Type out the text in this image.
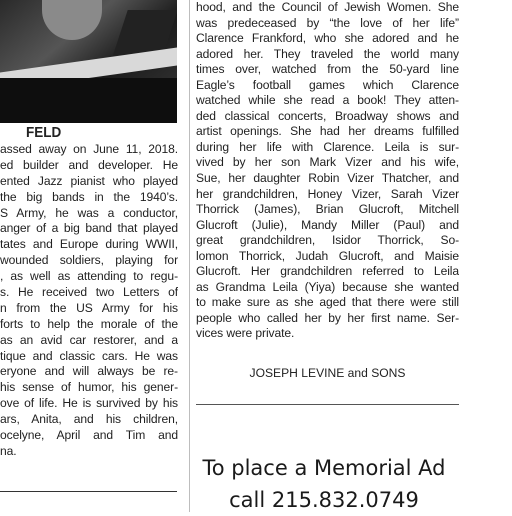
FELD
assed away on June 11, 2018.
ed builder and developer. He
ented Jazz pianist who played
the big bands in the 1940’s.
S Army, he was a conductor,
anger of a big band that played
tates and Europe during WWII,
wounded soldiers, playing for
, as well as attending to regu-
s. He received two Letters of
n from the US Army for his
forts to help the morale of the
as an avid car restorer, and a
tique and classic cars. He was
eryone and will always be re-
his sense of humor, his gener-
ove of life. He is survived by his
ars, Anita, and his children,
ocelyne, April and Tim and
na.
hood, and the Council of Jewish Women. She
was predeceased by “the love of her life”
Clarence Frankford, who she adored and he
adored her. They traveled the world many
times over, watched from the 50-yard line
Eagle’s football games which Clarence
watched while she read a book! They atten-
ded classical concerts, Broadway shows and
artist openings. She had her dreams fulfilled
during her life with Clarence. Leila is sur-
vived by her son Mark Vizer and his wife,
Sue, her daughter Robin Vizer Thatcher, and
her grandchildren, Honey Vizer, Sarah Vizer
Thorrick (James), Brian Glucroft, Mitchell
Glucroft (Julie), Mandy Miller (Paul) and
great grandchildren, Isidor Thorrick, So-
lomon Thorrick, Judah Glucroft, and Maisie
Glucroft. Her grandchildren referred to Leila
as Grandma Leila (Yiya) because she wanted
to make sure as she aged that there were still
people who called her by her first name. Ser-
vices were private.
JOSEPH LEVINE and SONS
To place a Memorial Ad
call 215.832.0749
